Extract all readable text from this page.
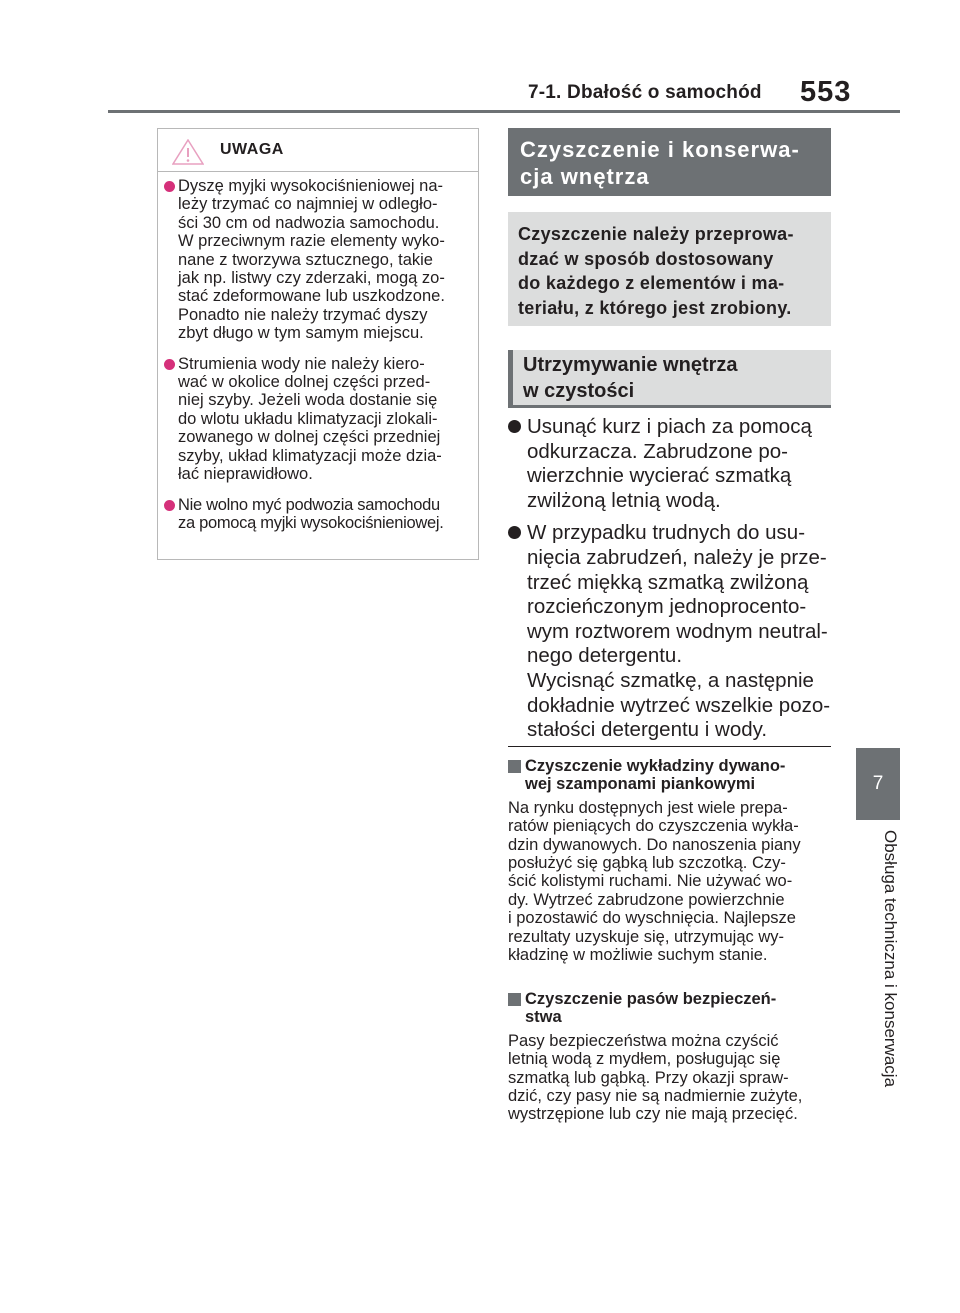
7-1. Dbałość o samochód 553
7
Obsługa techniczna i konserwacja
UWAGA
Dyszę myjki wysokociśnieniowej na-
leży trzymać co najmniej w odległo-
ści 30 cm od nadwozia samochodu.
W przeciwnym razie elementy wyko-
nane z tworzywa sztucznego, takie
jak np. listwy czy zderzaki, mogą zo-
stać zdeformowane lub uszkodzone.
Ponadto nie należy trzymać dyszy
zbyt długo w tym samym miejscu.
Strumienia wody nie należy kiero-
wać w okolice dolnej części przed-
niej szyby. Jeżeli woda dostanie się
do wlotu układu klimatyzacji zlokali-
zowanego w dolnej części przedniej
szyby, układ klimatyzacji może dzia-
łać nieprawidłowo.
Nie wolno myć podwozia samochodu
za pomocą myjki wysokociśnieniowej.
Czyszczenie i konserwa-
cja wnętrza
Czyszczenie należy przeprowa-
dzać w sposób dostosowany
do każdego z elementów i ma-
teriału, z którego jest zrobiony.
Utrzymywanie wnętrza
w czystości

Usunąć kurz i piach za pomocą
odkurzacza. Zabrudzone po-
wierzchnie wycierać szmatką
zwilżoną letnią wodą.

W przypadku trudnych do usu-
nięcia zabrudzeń, należy je prze-
trzeć miękką szmatką zwilżoną
rozcieńczonym jednoprocento-
wym roztworem wodnym neutral-
nego detergentu.

Wycisnąć szmatkę, a następnie
dokładnie wytrzeć wszelkie pozo-
stałości detergentu i wody.

Czyszczenie wykładziny dywano-
wej szamponami piankowymi
Na rynku dostępnych jest wiele prepa-
ratów pieniących do czyszczenia wykła-
dzin dywanowych. Do nanoszenia piany
posłużyć się gąbką lub szczotką. Czy-
ścić kolistymi ruchami. Nie używać wo-
dy. Wytrzeć zabrudzone powierzchnie
i pozostawić do wyschnięcia. Najlepsze
rezultaty uzyskuje się, utrzymując wy-
kładzinę w możliwie suchym stanie.
Czyszczenie pasów bezpieczeń-
stwa
Pasy bezpieczeństwa można czyścić
letnią wodą z mydłem, posługując się
szmatką lub gąbką. Przy okazji spraw-
dzić, czy pasy nie są nadmiernie zużyte,
wystrzępione lub czy nie mają przecięć.
